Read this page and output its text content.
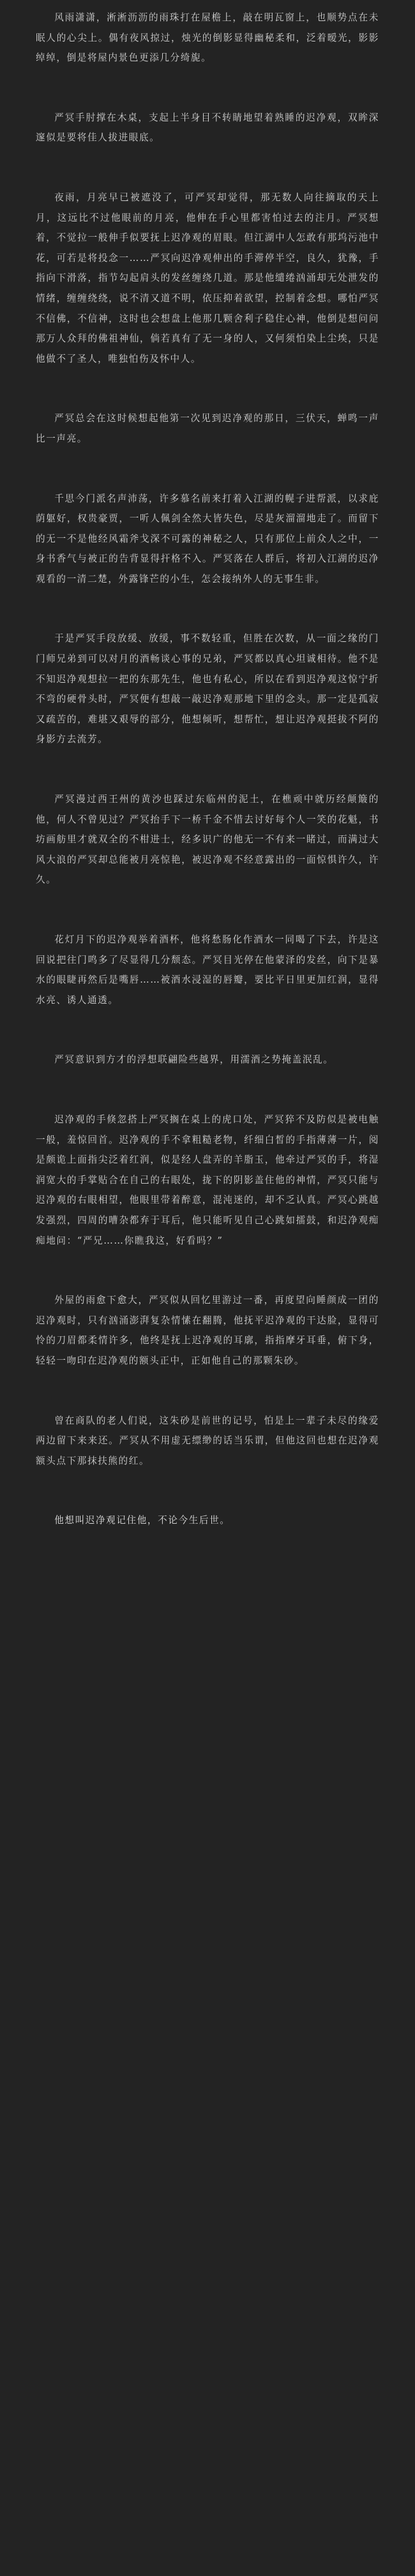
风雨潇潇，淅淅沥沥的雨珠打在屋檐上，敲在明瓦窗上，也顺势点在未眠人的心尖上。偶有夜风掠过，烛光的倒影显得幽秘柔和，泛着暧光，影影绰绰，倒是将屋内景色更添几分绮旎。

严冥手肘撑在木桌，支起上半身目不转睛地望着熟睡的迟净观，双眸深邃似是要将佳人拔进眼底。

夜雨，月亮早已被遮没了，可严冥却觉得，那无数人向往摘取的天上月，这远比不过他眼前的月亮，他伸在手心里都害怕过去的注月。严冥想着，不觉拉一般伸手似要抚上迟净观的眉眼。但江湖中人怎敢有那坞污池中花，可若是将投念一……严冥向迟净观伸出的手滞停半空，良久，犹豫，手指向下滑落，指节勾起肩头的发丝缠绕几道。那是他缱绻汹涌却无处泄发的情绪，缠缠绕绕，说不清又道不明，依压抑着欲望，控制着念想。哪怕严冥不信佛，不信神，这时也会想盘上他那几颗舍利子稳住心神，他倒是想问问那万人众拜的佛祖神仙，倘若真有了无一身的人，又何须怕染上尘埃，只是他做不了圣人，唯独怕伤及怀中人。

严冥总会在这时候想起他第一次见到迟净观的那日，三伏天，蝉鸣一声比一声亮。

千思今门派名声沛荡，许多慕名前来打着入江湖的幌子进帮派，以求庇荫躯好，权贵豪贾，一听人佩剑全然大皆失色，尽是灰溜溜地走了。而留下的无一不是他经风霜斧戈深不可露的神秘之人，只有那位上前众人之中，一身书香气与被正的告背显得扞格不入。严冥落在人群后，将初入江湖的迟净观看的一清二楚，外露锋芒的小生，怎会接纳外人的无事生非。

于是严冥手段放缓、放缓，事不数轻重，但胜在次数，从一面之缘的门门师兄弟到可以对月的酒畅谈心事的兄弟，严冥都以真心坦诚相待。他不是不知迟净观想拉一把的东那先生，他也有私心，所以在看到迟净观这惊宁折不弯的硬骨头时，严冥便有想敲一敲迟净观那地下里的念头。那一定是孤寂又疏苦的，难堪又艰辱的部分，他想倾听，想帮忙，想让迟净观挺拔不阿的身影方去流芳。

严冥漫过西王州的黄沙也踩过东临州的泥土，在樵顽中就历经颠簸的他，何人不曾见过？严冥抬手下一桥千金不惜去讨好每个人一笑的花魁，书坊画舫里才就双全的不柑进士，经多识广的他无一不有来一睹过，而满过大风大浪的严冥却总能被月亮惊艳，被迟净观不经意露出的一面惊惧许久，许久。

花灯月下的迟净观举着酒杯，他将愁肠化作酒水一同喝了下去，许是这回说把往门鸣多了尽显得几分颓态。严冥目光停在他蒙泽的发丝，向下是暴水的眼睫再然后是嘴唇……被酒水浸湿的唇瓣，要比平日里更加红润，显得水亮、诱人通透。

严冥意识到方才的浮想联翩险些越界，用濡酒之势掩盖泯乱。

迟净观的手倏忽搭上严冥搁在桌上的虎口处，严冥猝不及防似是被电触一般，羞惊回首。迟净观的手不拿粗糙老物，纤细白皙的手指薄薄一片，阅是颇诡上面指尖泛着红润，似是经人盘弄的羊脂玉，他牵过严冥的手，将湿润宽大的手掌贴合在自己的右眼处，拢下的阴影盖住他的神情，严冥只能与迟净观的右眼相望，他眼里带着醉意，混沌迷的，却不乏认真。严冥心跳越发强烈，四周的嘈杂都弃于耳后，他只能听见自己心跳如擂鼓，和迟净观痴痴地问：“严兄……你瞧我这，好看吗？”

外屋的雨愈下愈大，严冥似从回忆里游过一番，再度望向睡颜成一团的迟净观时，只有汹涌澎湃复杂情愫在翻腾，他抚平迟净观的干达脸，显得可怜的刀眉都柔情许多，他终是抚上迟净观的耳廓，指指摩牙耳垂，俯下身，轻轻一吻印在迟净观的额头正中，正如他自己的那颗朱砂。

曾在商队的老人们说，这朱砂是前世的记号，怕是上一辈子未尽的缘爱两边留下来来还。严冥从不用虚无缥缈的话当乐谓，但他这回也想在迟净观额头点下那抹扶熊的红。

他想叫迟净观记住他，不论今生后世。
